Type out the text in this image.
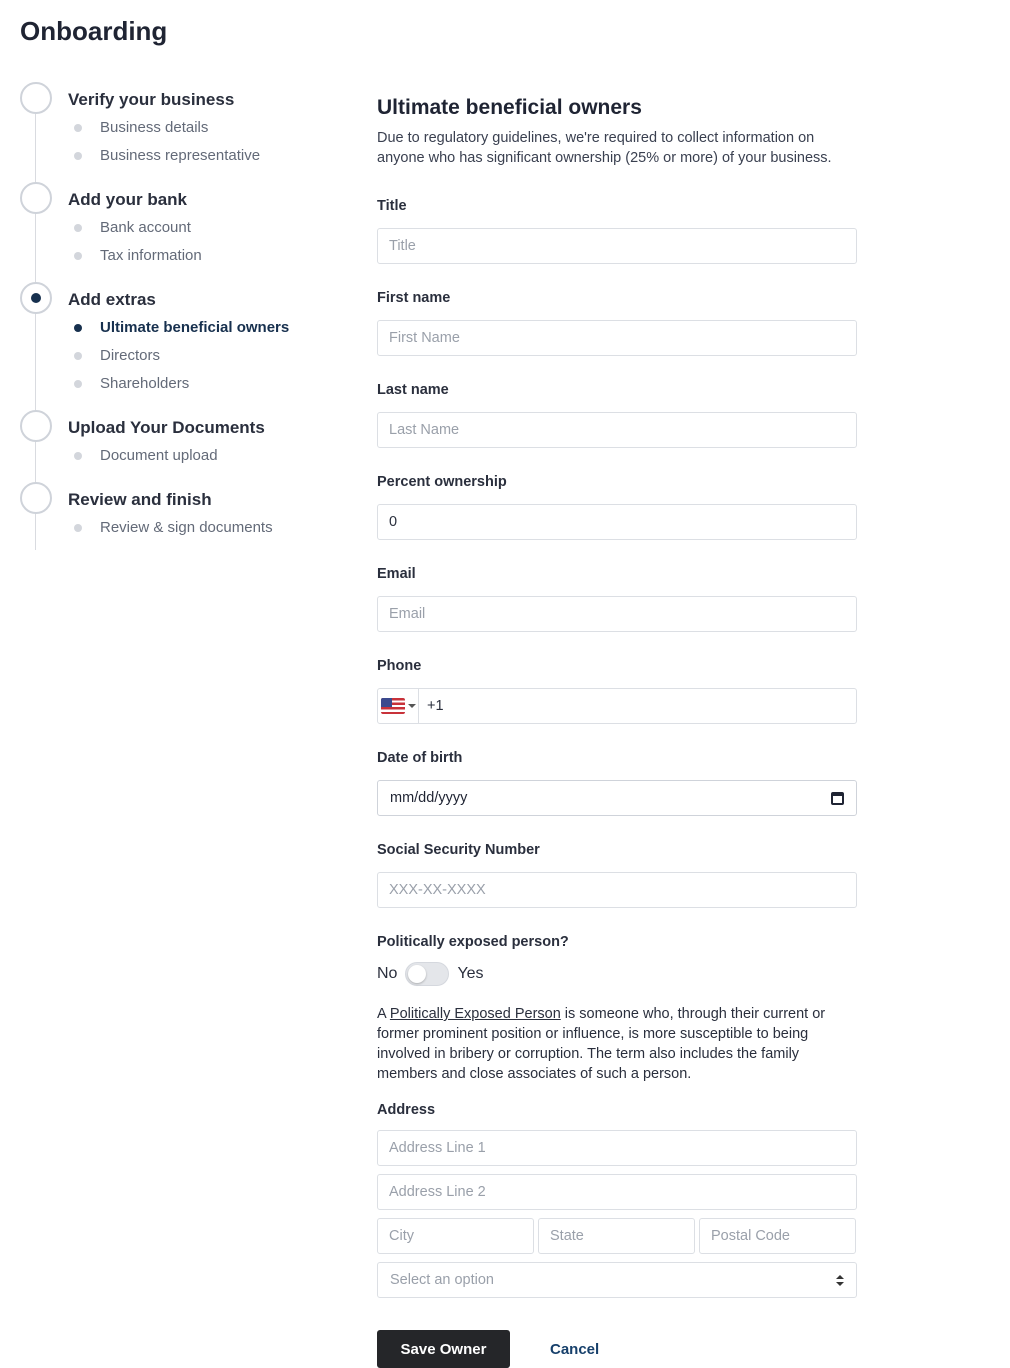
Onboarding
Verify your business
Business details
Business representative
Add your bank
Bank account
Tax information
Add extras
Ultimate beneficial owners
Directors
Shareholders
Upload Your Documents
Document upload
Review and finish
Review & sign documents
Ultimate beneficial owners

Due to regulatory guidelines, we're required to collect information on anyone who has significant ownership (25% or more) of your business.

Title
Title
First name
First Name
Last name
Last Name
Percent ownership
0
Email
Email
Phone
+1
Date of birth
mm/dd/yyyy
Social Security Number
XXX-XX-XXXX
Politically exposed person?
No	Yes

A Politically Exposed Person is someone who, through their current or former prominent position or influence, is more susceptible to being involved in bribery or corruption. The term also includes the family members and close associates of such a person.

Address
Address Line 1
Address Line 2
City
State
Postal Code
Select an option
Save Owner	Cancel
